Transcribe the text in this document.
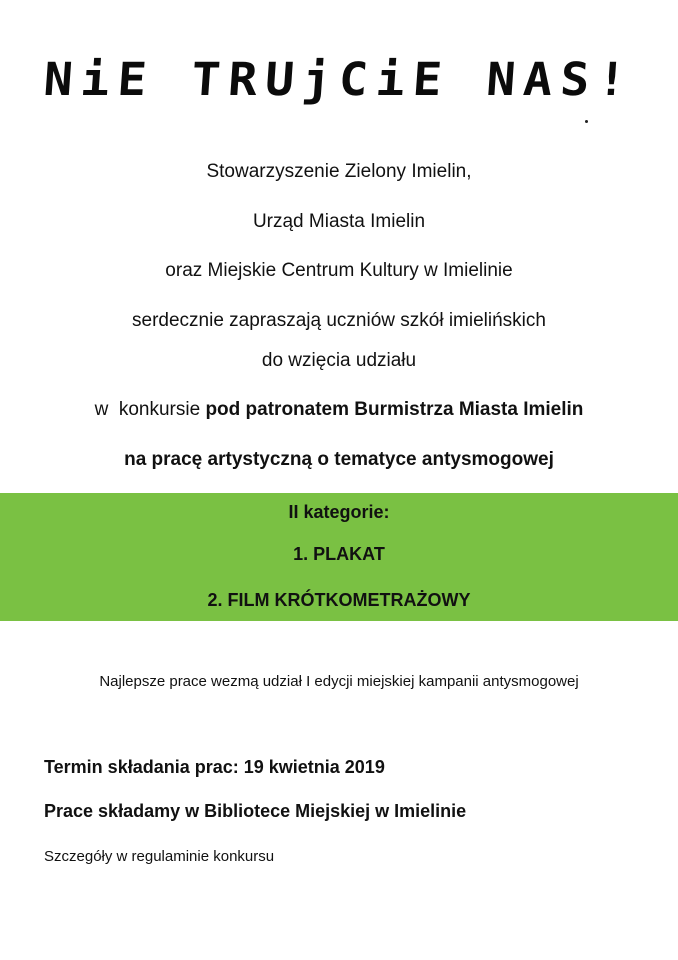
NiE TRUjCiE NAS!
Stowarzyszenie Zielony Imielin,
Urząd Miasta Imielin
oraz Miejskie Centrum Kultury w Imielinie
serdecznie zapraszają uczniów szkół imielińskich
do wzięcia udziału
w  konkursie pod patronatem Burmistrza Miasta Imielin
na pracę artystyczną o tematyce antysmogowej
II kategorie:
1. PLAKAT
2. FILM KRÓTKOMETRAŻOWY
Najlepsze prace wezmą udział I edycji miejskiej kampanii antysmogowej
Termin składania prac: 19 kwietnia 2019
Prace składamy w Bibliotece Miejskiej w Imielinie
Szczegóły w regulaminie konkursu
